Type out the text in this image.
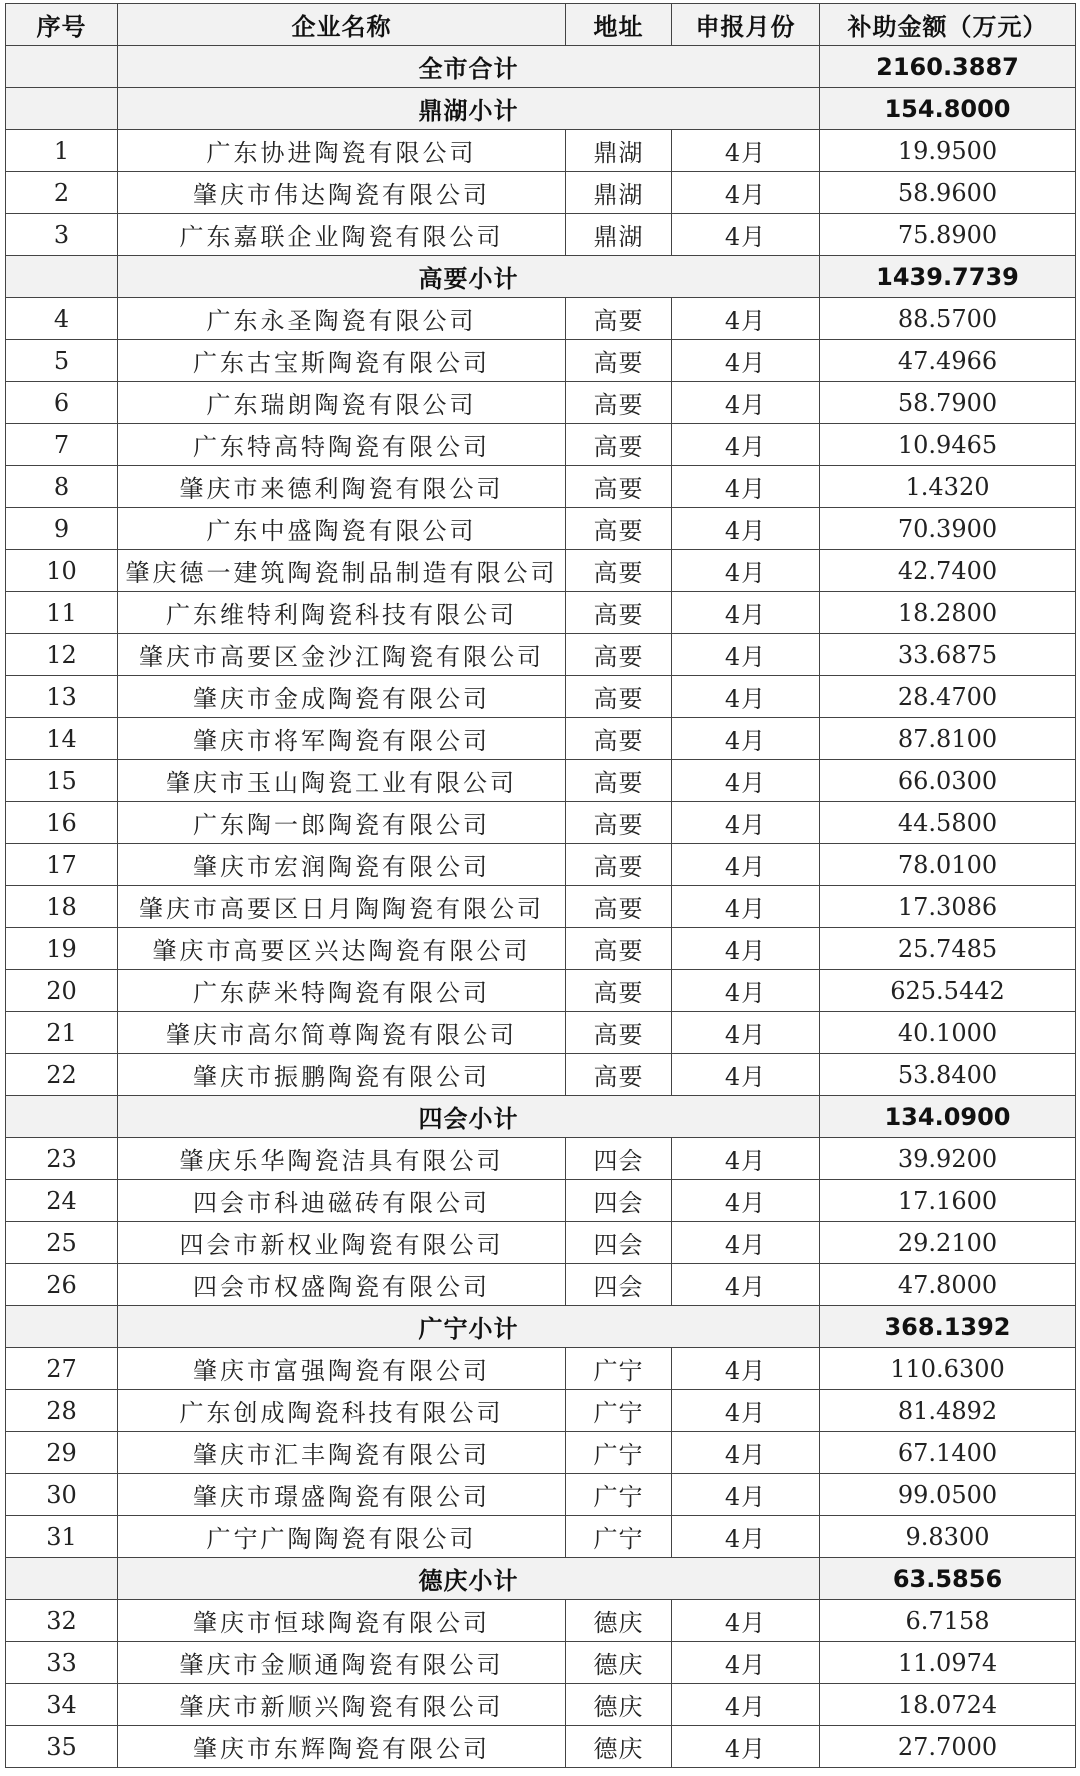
序号	企业名称	地址	申报月份	补助金额（万元）
	全市合计			2160.3887
	鼎湖小计			154.8000
1	广东协进陶瓷有限公司	鼎湖	4月	19.9500
2	肇庆市伟达陶瓷有限公司	鼎湖	4月	58.9600
3	广东嘉联企业陶瓷有限公司	鼎湖	4月	75.8900
	高要小计			1439.7739
4	广东永圣陶瓷有限公司	高要	4月	88.5700
5	广东古宝斯陶瓷有限公司	高要	4月	47.4966
6	广东瑞朗陶瓷有限公司	高要	4月	58.7900
7	广东特高特陶瓷有限公司	高要	4月	10.9465
8	肇庆市来德利陶瓷有限公司	高要	4月	1.4320
9	广东中盛陶瓷有限公司	高要	4月	70.3900
10	肇庆德一建筑陶瓷制品制造有限公司	高要	4月	42.7400
11	广东维特利陶瓷科技有限公司	高要	4月	18.2800
12	肇庆市高要区金沙江陶瓷有限公司	高要	4月	33.6875
13	肇庆市金成陶瓷有限公司	高要	4月	28.4700
14	肇庆市将军陶瓷有限公司	高要	4月	87.8100
15	肇庆市玉山陶瓷工业有限公司	高要	4月	66.0300
16	广东陶一郎陶瓷有限公司	高要	4月	44.5800
17	肇庆市宏润陶瓷有限公司	高要	4月	78.0100
18	肇庆市高要区日月陶陶瓷有限公司	高要	4月	17.3086
19	肇庆市高要区兴达陶瓷有限公司	高要	4月	25.7485
20	广东萨米特陶瓷有限公司	高要	4月	625.5442
21	肇庆市高尔简尊陶瓷有限公司	高要	4月	40.1000
22	肇庆市振鹏陶瓷有限公司	高要	4月	53.8400
	四会小计			134.0900
23	肇庆乐华陶瓷洁具有限公司	四会	4月	39.9200
24	四会市科迪磁砖有限公司	四会	4月	17.1600
25	四会市新权业陶瓷有限公司	四会	4月	29.2100
26	四会市权盛陶瓷有限公司	四会	4月	47.8000
	广宁小计			368.1392
27	肇庆市富强陶瓷有限公司	广宁	4月	110.6300
28	广东创成陶瓷科技有限公司	广宁	4月	81.4892
29	肇庆市汇丰陶瓷有限公司	广宁	4月	67.1400
30	肇庆市璟盛陶瓷有限公司	广宁	4月	99.0500
31	广宁广陶陶瓷有限公司	广宁	4月	9.8300
	德庆小计			63.5856
32	肇庆市恒球陶瓷有限公司	德庆	4月	6.7158
33	肇庆市金顺通陶瓷有限公司	德庆	4月	11.0974
34	肇庆市新顺兴陶瓷有限公司	德庆	4月	18.0724
35	肇庆市东辉陶瓷有限公司	德庆	4月	27.7000
